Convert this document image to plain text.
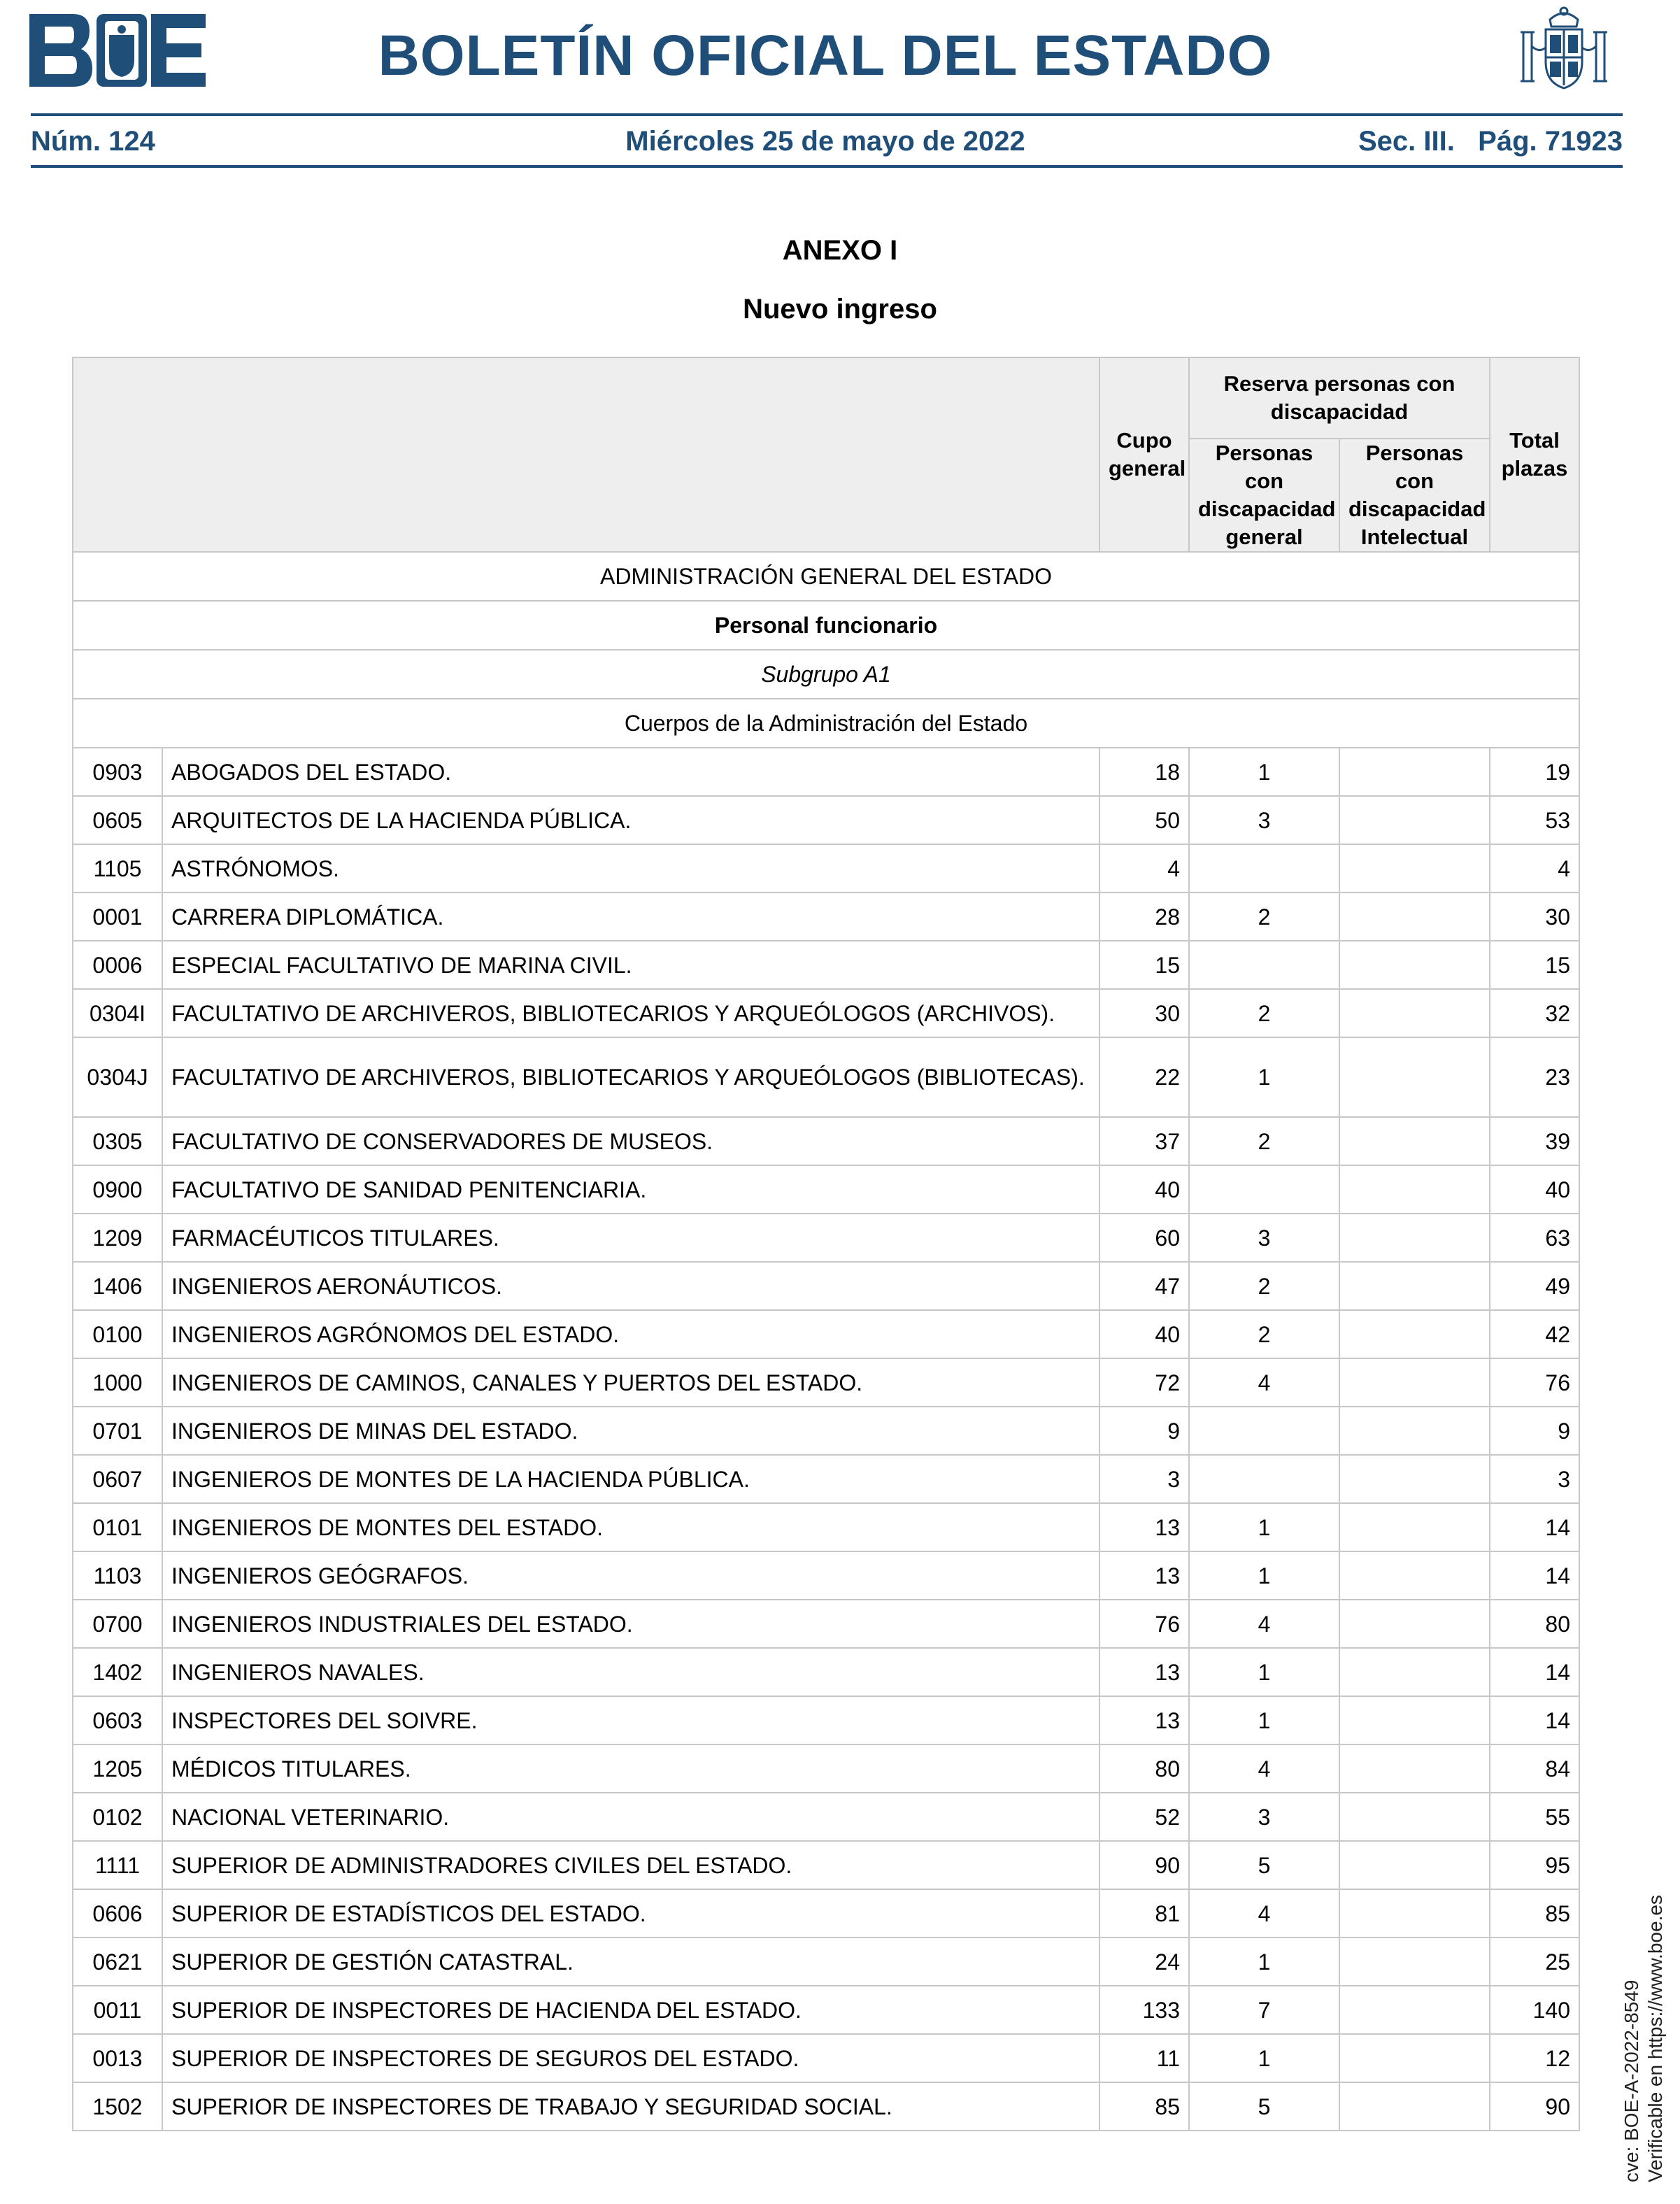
BOLETÍN OFICIAL DEL ESTADO
Núm. 124	Miércoles 25 de mayo de 2022	Sec. III.   Pág. 71923
ANEXO I
Nuevo ingreso
		Cupo general	Reserva personas con discapacidad		Total plazas
			Personas con discapacidad general	Personas con discapacidad Intelectual	
ADMINISTRACIÓN GENERAL DEL ESTADO					
Personal funcionario					
Subgrupo A1					
Cuerpos de la Administración del Estado					
0903	ABOGADOS DEL ESTADO.	18	1		19
0605	ARQUITECTOS DE LA HACIENDA PÚBLICA.	50	3		53
1105	ASTRÓNOMOS.	4			4
0001	CARRERA DIPLOMÁTICA.	28	2		30
0006	ESPECIAL FACULTATIVO DE MARINA CIVIL.	15			15
0304I	FACULTATIVO DE ARCHIVEROS, BIBLIOTECARIOS Y ARQUEÓLOGOS (ARCHIVOS).	30	2		32
0304J	FACULTATIVO DE ARCHIVEROS, BIBLIOTECARIOS Y ARQUEÓLOGOS (BIBLIOTECAS).	22	1		23
0305	FACULTATIVO DE CONSERVADORES DE MUSEOS.	37	2		39
0900	FACULTATIVO DE SANIDAD PENITENCIARIA.	40			40
1209	FARMACÉUTICOS TITULARES.	60	3		63
1406	INGENIEROS AERONÁUTICOS.	47	2		49
0100	INGENIEROS AGRÓNOMOS DEL ESTADO.	40	2		42
1000	INGENIEROS DE CAMINOS, CANALES Y PUERTOS DEL ESTADO.	72	4		76
0701	INGENIEROS DE MINAS DEL ESTADO.	9			9
0607	INGENIEROS DE MONTES DE LA HACIENDA PÚBLICA.	3			3
0101	INGENIEROS DE MONTES DEL ESTADO.	13	1		14
1103	INGENIEROS GEÓGRAFOS.	13	1		14
0700	INGENIEROS INDUSTRIALES DEL ESTADO.	76	4		80
1402	INGENIEROS NAVALES.	13	1		14
0603	INSPECTORES DEL SOIVRE.	13	1		14
1205	MÉDICOS TITULARES.	80	4		84
0102	NACIONAL VETERINARIO.	52	3		55
1111	SUPERIOR DE ADMINISTRADORES CIVILES DEL ESTADO.	90	5		95
0606	SUPERIOR DE ESTADÍSTICOS DEL ESTADO.	81	4		85
0621	SUPERIOR DE GESTIÓN CATASTRAL.	24	1		25
0011	SUPERIOR DE INSPECTORES DE HACIENDA DEL ESTADO.	133	7		140
0013	SUPERIOR DE INSPECTORES DE SEGUROS DEL ESTADO.	11	1		12
1502	SUPERIOR DE INSPECTORES DE TRABAJO Y SEGURIDAD SOCIAL.	85	5		90	cve: BOE-A-2022-8549 Verificable en https://www.boe.es
